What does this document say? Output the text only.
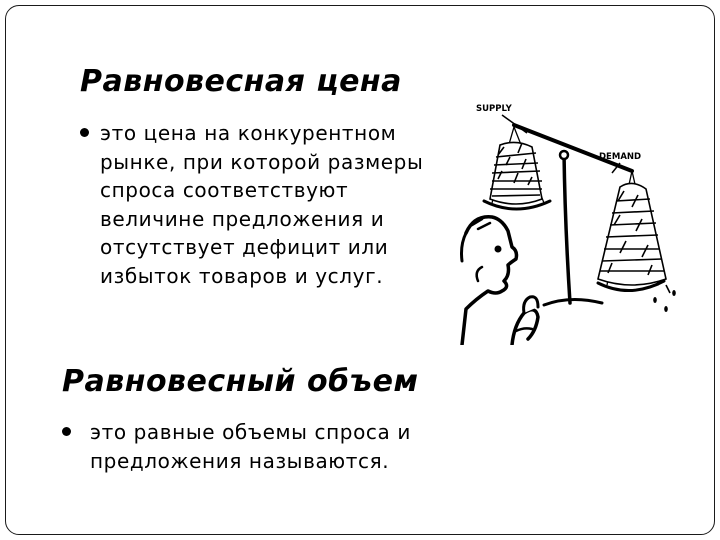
Равновесная цена

это цена на конкурентном рынке, при которой размеры спроса соответствуют величине предложения и отсутствует дефицит или избыток товаров и услуг.

Равновесный объем

это равные объемы спроса и предложения называются.

SUPPLY
DEMAND
